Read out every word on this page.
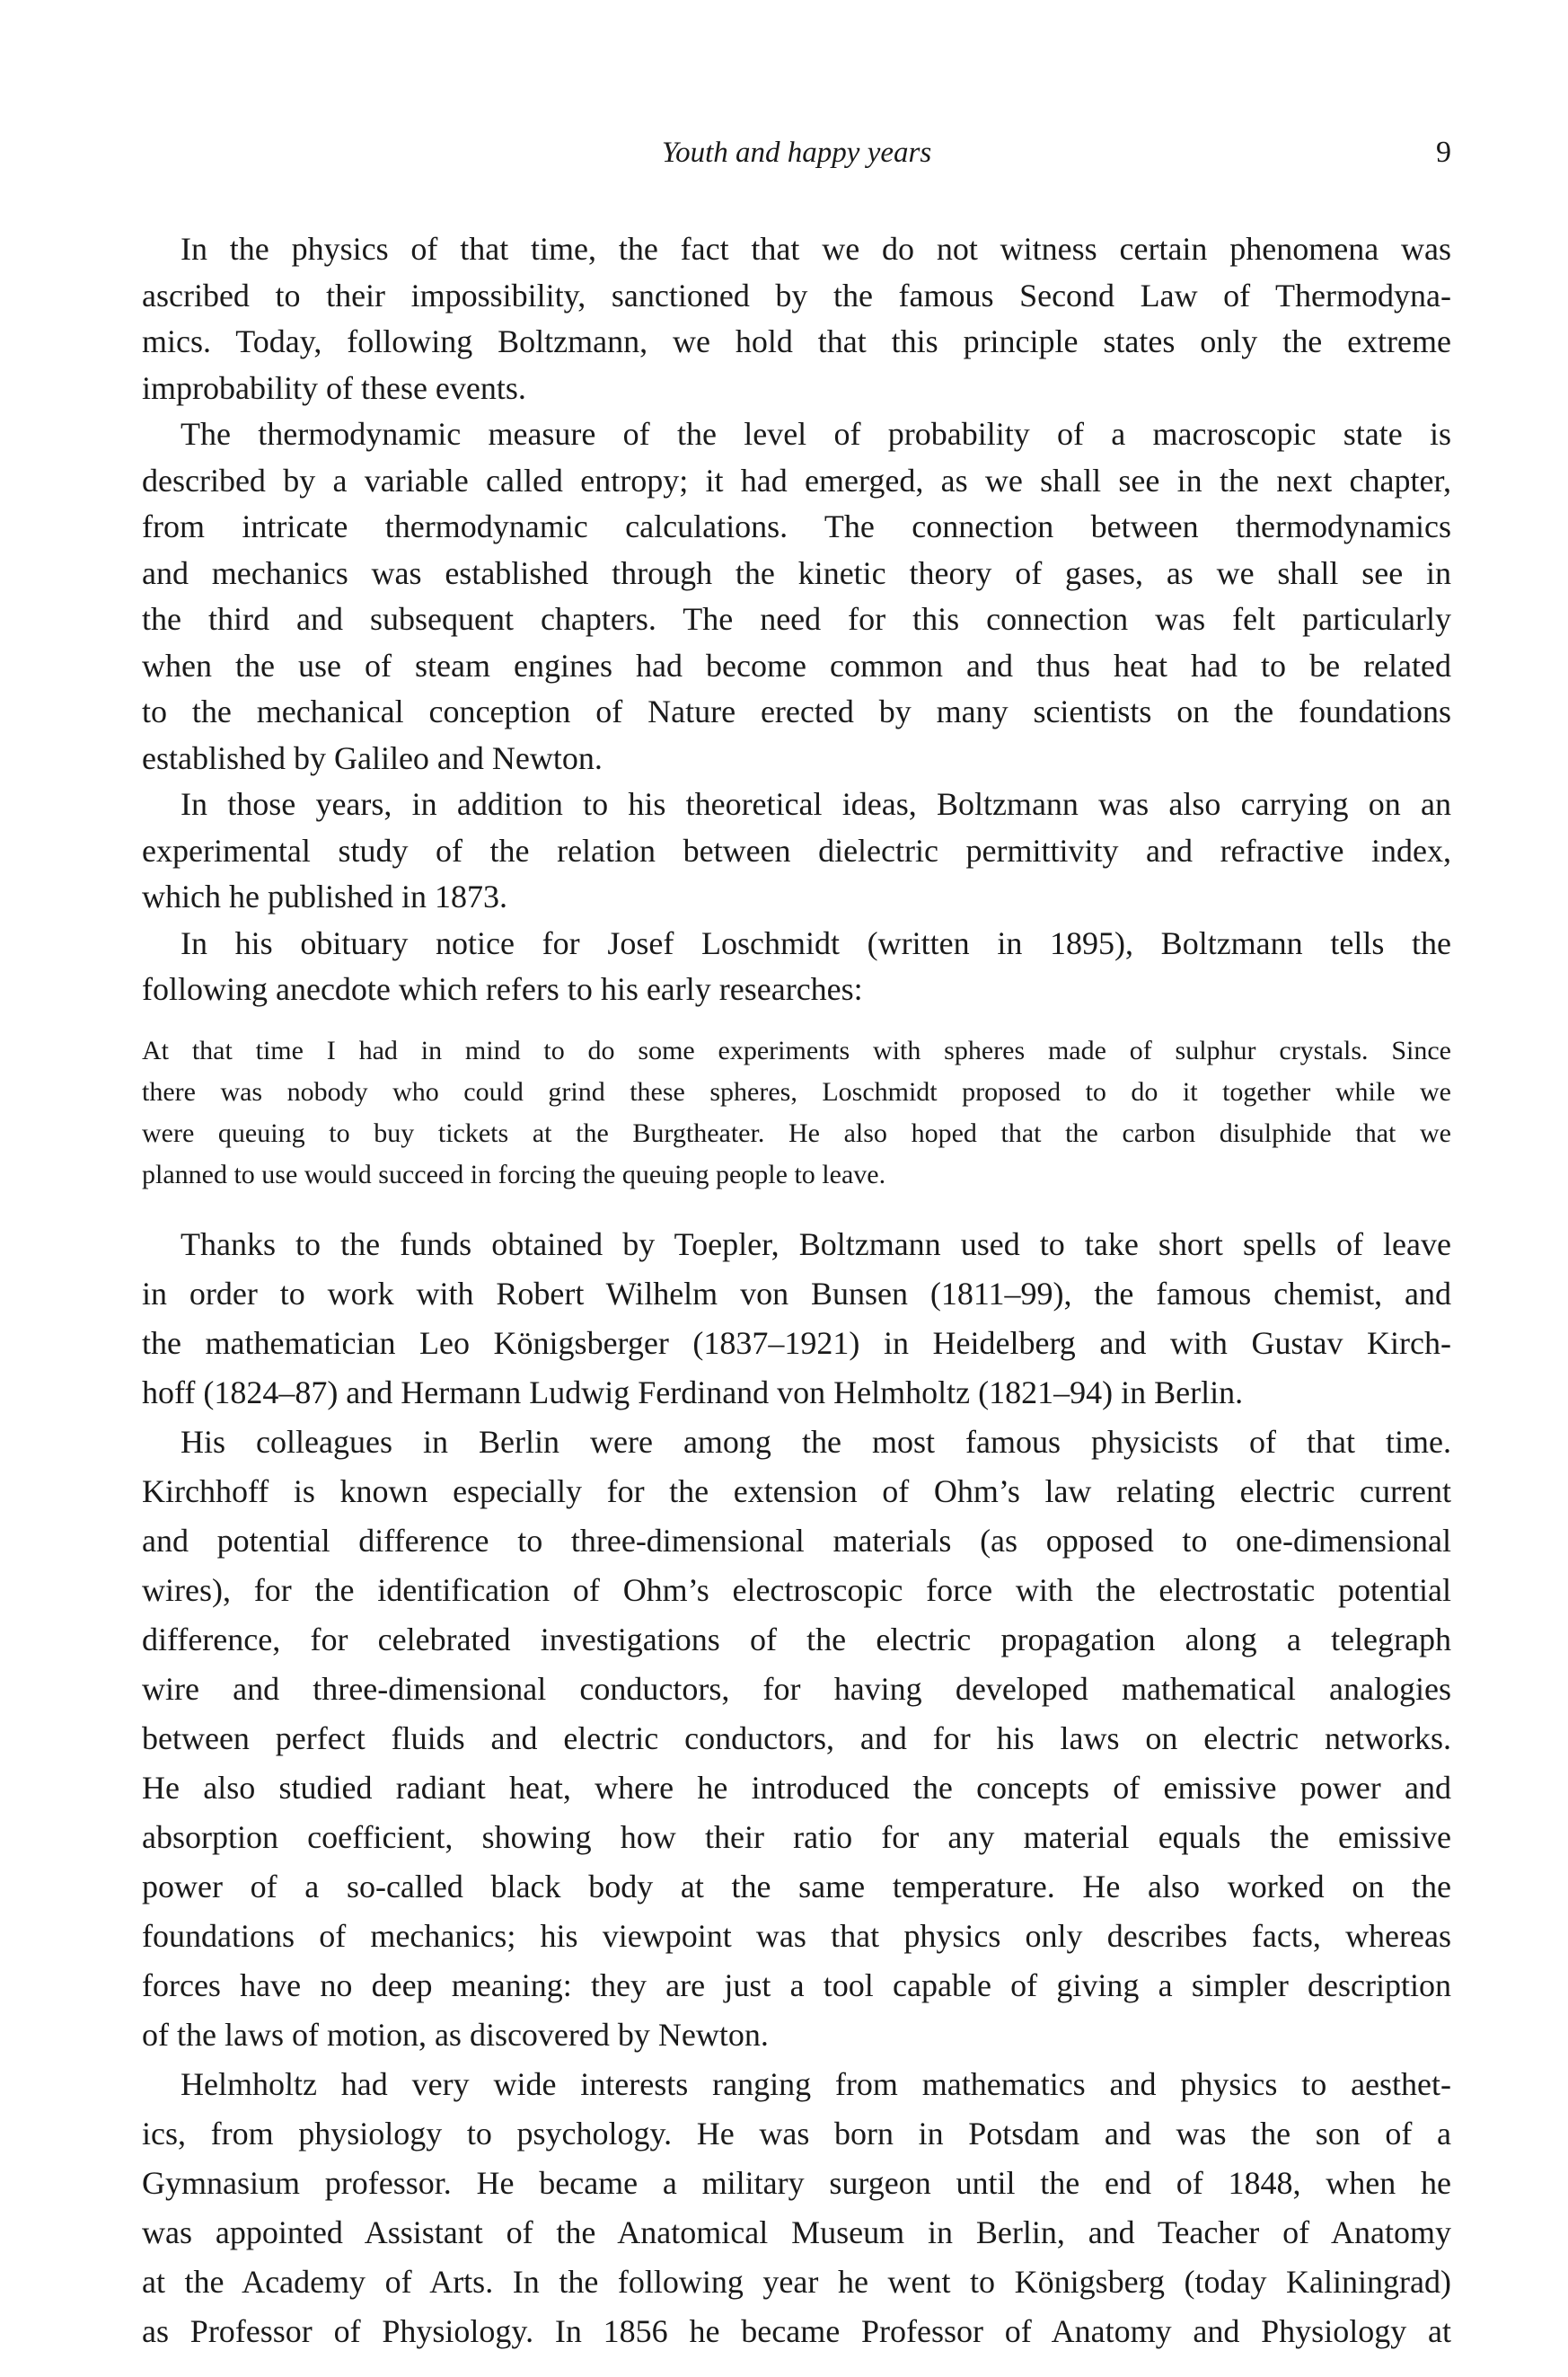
Youth and happy years	9
In the physics of that time, the fact that we do not witness certain phenomena was
ascribed to their impossibility, sanctioned by the famous Second Law of Thermodyna-
mics. Today, following Boltzmann, we hold that this principle states only the extreme
improbability of these events.
The thermodynamic measure of the level of probability of a macroscopic state is
described by a variable called entropy; it had emerged, as we shall see in the next chapter,
from intricate thermodynamic calculations. The connection between thermodynamics
and mechanics was established through the kinetic theory of gases, as we shall see in
the third and subsequent chapters. The need for this connection was felt particularly
when the use of steam engines had become common and thus heat had to be related
to the mechanical conception of Nature erected by many scientists on the foundations
established by Galileo and Newton.
In those years, in addition to his theoretical ideas, Boltzmann was also carrying on an
experimental study of the relation between dielectric permittivity and refractive index,
which he published in 1873.
In his obituary notice for Josef Loschmidt (written in 1895), Boltzmann tells the
following anecdote which refers to his early researches:
At that time I had in mind to do some experiments with spheres made of sulphur crystals. Since
there was nobody who could grind these spheres, Loschmidt proposed to do it together while we
were queuing to buy tickets at the Burgtheater. He also hoped that the carbon disulphide that we
planned to use would succeed in forcing the queuing people to leave.
Thanks to the funds obtained by Toepler, Boltzmann used to take short spells of leave
in order to work with Robert Wilhelm von Bunsen (1811–99), the famous chemist, and
the mathematician Leo Königsberger (1837–1921) in Heidelberg and with Gustav Kirch-
hoff (1824–87) and Hermann Ludwig Ferdinand von Helmholtz (1821–94) in Berlin.
His colleagues in Berlin were among the most famous physicists of that time.
Kirchhoff is known especially for the extension of Ohm’s law relating electric current
and potential difference to three-dimensional materials (as opposed to one-dimensional
wires), for the identification of Ohm’s electroscopic force with the electrostatic potential
difference, for celebrated investigations of the electric propagation along a telegraph
wire and three-dimensional conductors, for having developed mathematical analogies
between perfect fluids and electric conductors, and for his laws on electric networks.
He also studied radiant heat, where he introduced the concepts of emissive power and
absorption coefficient, showing how their ratio for any material equals the emissive
power of a so-called black body at the same temperature. He also worked on the
foundations of mechanics; his viewpoint was that physics only describes facts, whereas
forces have no deep meaning: they are just a tool capable of giving a simpler description
of the laws of motion, as discovered by Newton.
Helmholtz had very wide interests ranging from mathematics and physics to aesthet-
ics, from physiology to psychology. He was born in Potsdam and was the son of a
Gymnasium professor. He became a military surgeon until the end of 1848, when he
was appointed Assistant of the Anatomical Museum in Berlin, and Teacher of Anatomy
at the Academy of Arts. In the following year he went to Königsberg (today Kaliningrad)
as Professor of Physiology. In 1856 he became Professor of Anatomy and Physiology at
